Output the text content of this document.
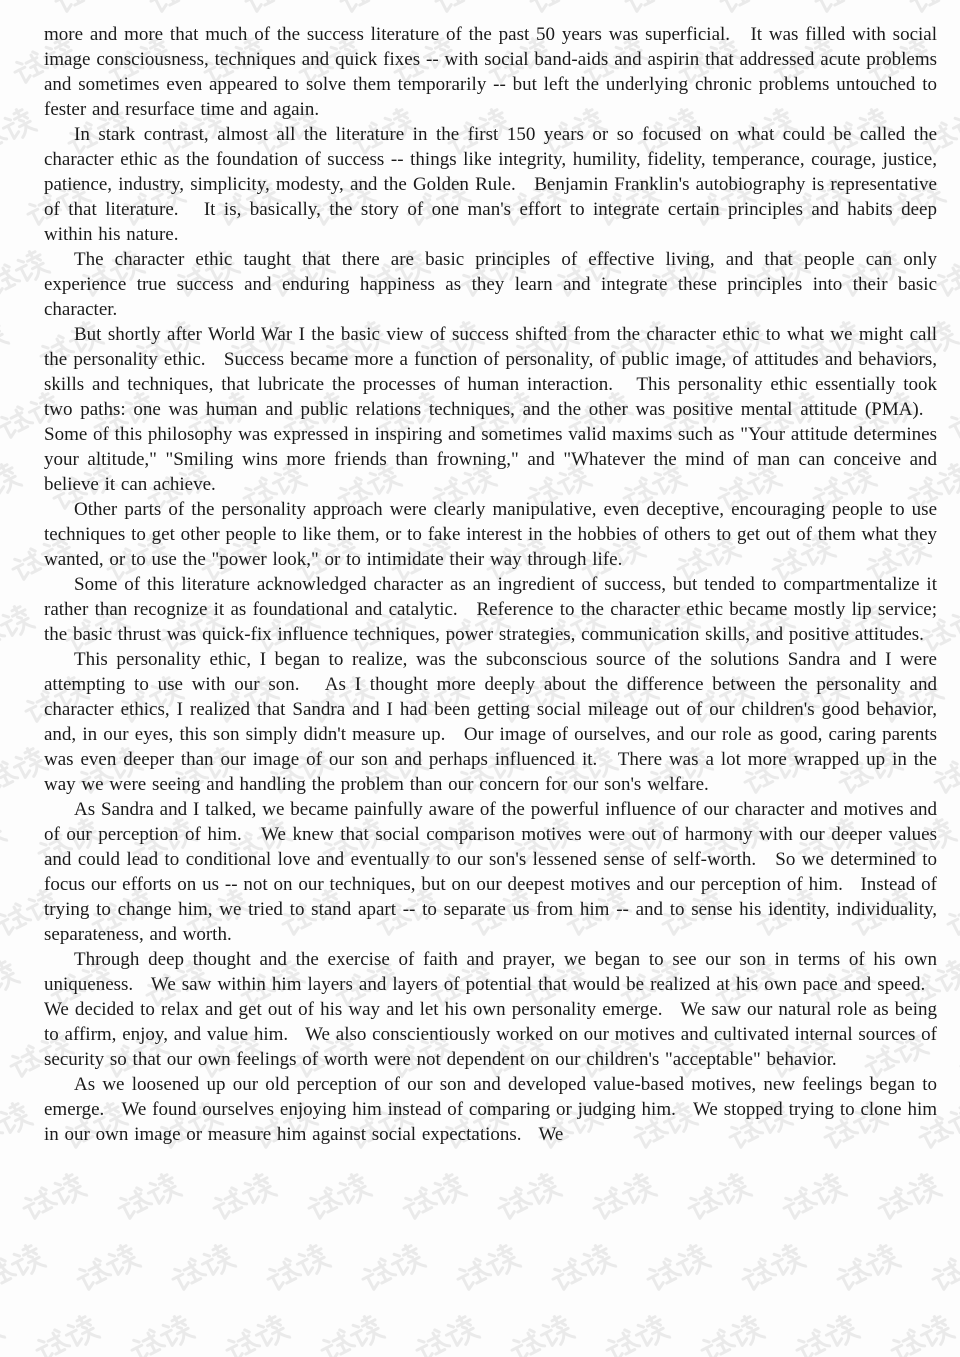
more and more that much of the success literature of the past 50 years was superficial.   It was filled with social image consciousness, techniques and quick fixes -- with social band-aids and aspirin that addressed acute problems and sometimes even appeared to solve them temporarily -- but left the underlying chronic problems untouched to fester and resurface time and again.

In stark contrast, almost all the literature in the first 150 years or so focused on what could be called the character ethic as the foundation of success -- things like integrity, humility, fidelity, temperance, courage, justice, patience, industry, simplicity, modesty, and the Golden Rule.   Benjamin Franklin's autobiography is representative of that literature.   It is, basically, the story of one man's effort to integrate certain principles and habits deep within his nature.

The character ethic taught that there are basic principles of effective living, and that people can only experience true success and enduring happiness as they learn and integrate these principles into their basic character.

But shortly after World War I the basic view of success shifted from the character ethic to what we might call the personality ethic.   Success became more a function of personality, of public image, of attitudes and behaviors, skills and techniques, that lubricate the processes of human interaction.   This personality ethic essentially took two paths: one was human and public relations techniques, and the other was positive mental attitude (PMA).   Some of this philosophy was expressed in inspiring and sometimes valid maxims such as "Your attitude determines your altitude," "Smiling wins more friends than frowning," and "Whatever the mind of man can conceive and believe it can achieve.

Other parts of the personality approach were clearly manipulative, even deceptive, encouraging people to use techniques to get other people to like them, or to fake interest in the hobbies of others to get out of them what they wanted, or to use the "power look," or to intimidate their way through life.

Some of this literature acknowledged character as an ingredient of success, but tended to compartmentalize it rather than recognize it as foundational and catalytic.   Reference to the character ethic became mostly lip service; the basic thrust was quick-fix influence techniques, power strategies, communication skills, and positive attitudes.

This personality ethic, I began to realize, was the subconscious source of the solutions Sandra and I were attempting to use with our son.   As I thought more deeply about the difference between the personality and character ethics, I realized that Sandra and I had been getting social mileage out of our children's good behavior, and, in our eyes, this son simply didn't measure up.   Our image of ourselves, and our role as good, caring parents was even deeper than our image of our son and perhaps influenced it.   There was a lot more wrapped up in the way we were seeing and handling the problem than our concern for our son's welfare.

As Sandra and I talked, we became painfully aware of the powerful influence of our character and motives and of our perception of him.   We knew that social comparison motives were out of harmony with our deeper values and could lead to conditional love and eventually to our son's lessened sense of self-worth.   So we determined to focus our efforts on us -- not on our techniques, but on our deepest motives and our perception of him.   Instead of trying to change him, we tried to stand apart -- to separate us from him -- and to sense his identity, individuality, separateness, and worth.

Through deep thought and the exercise of faith and prayer, we began to see our son in terms of his own uniqueness.   We saw within him layers and layers of potential that would be realized at his own pace and speed.   We decided to relax and get out of his way and let his own personality emerge.   We saw our natural role as being to affirm, enjoy, and value him.   We also conscientiously worked on our motives and cultivated internal sources of security so that our own feelings of worth were not dependent on our children's "acceptable" behavior.

As we loosened up our old perception of our son and developed value-based motives, new feelings began to emerge.   We found ourselves enjoying him instead of comparing or judging him.   We stopped trying to clone him in our own image or measure him against social expectations.   We
